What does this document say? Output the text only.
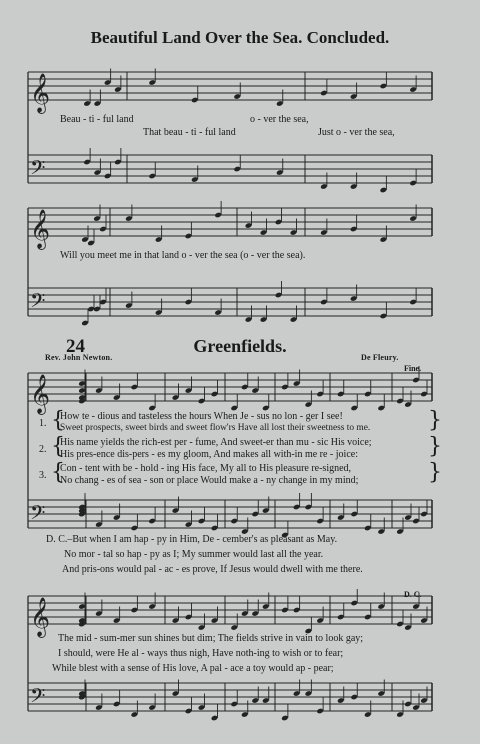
Beautiful Land Over the Sea. Concluded.
𝄞
𝄢
𝄞
𝄢
𝄞
𝄢
𝄞
𝄢
Beau - ti - ful land	o - ver the sea,
That beau - ti - ful land	Just o - ver the sea,
Will you meet me in that land o - ver the sea (o - ver the sea).
24	Greenfields.
Rev. John Newton.	De Fleury.
Fine.
1. {
How te - dious and tasteless the hours When Je - sus no lon - ger I see!
Sweet prospects, sweet birds and sweet flow'rs Have all lost their sweetness to me.	}
2. {
His name yields the rich-est per - fume, And sweet-er than mu - sic His voice;
His pres-ence dis-pers - es my gloom, And makes all with-in me re - joice:	}
3. {
Con - tent with be - hold - ing His face, My all to His pleasure re-signed,
No chang - es of sea - son or place Would make a - ny change in my mind;	}
D. C.–But when I am hap - py in Him, De - cember's as pleasant as May.
No mor - tal so hap - py as I; My summer would last all the year.
And pris-ons would pal - ac - es prove, If Jesus would dwell with me there.
D. C.
The mid - sum-mer sun shines but dim; The fields strive in vain to look gay;
I should, were He al - ways thus nigh, Have noth-ing to wish or to fear;
While blest with a sense of His love, A pal - ace a toy would ap - pear;
